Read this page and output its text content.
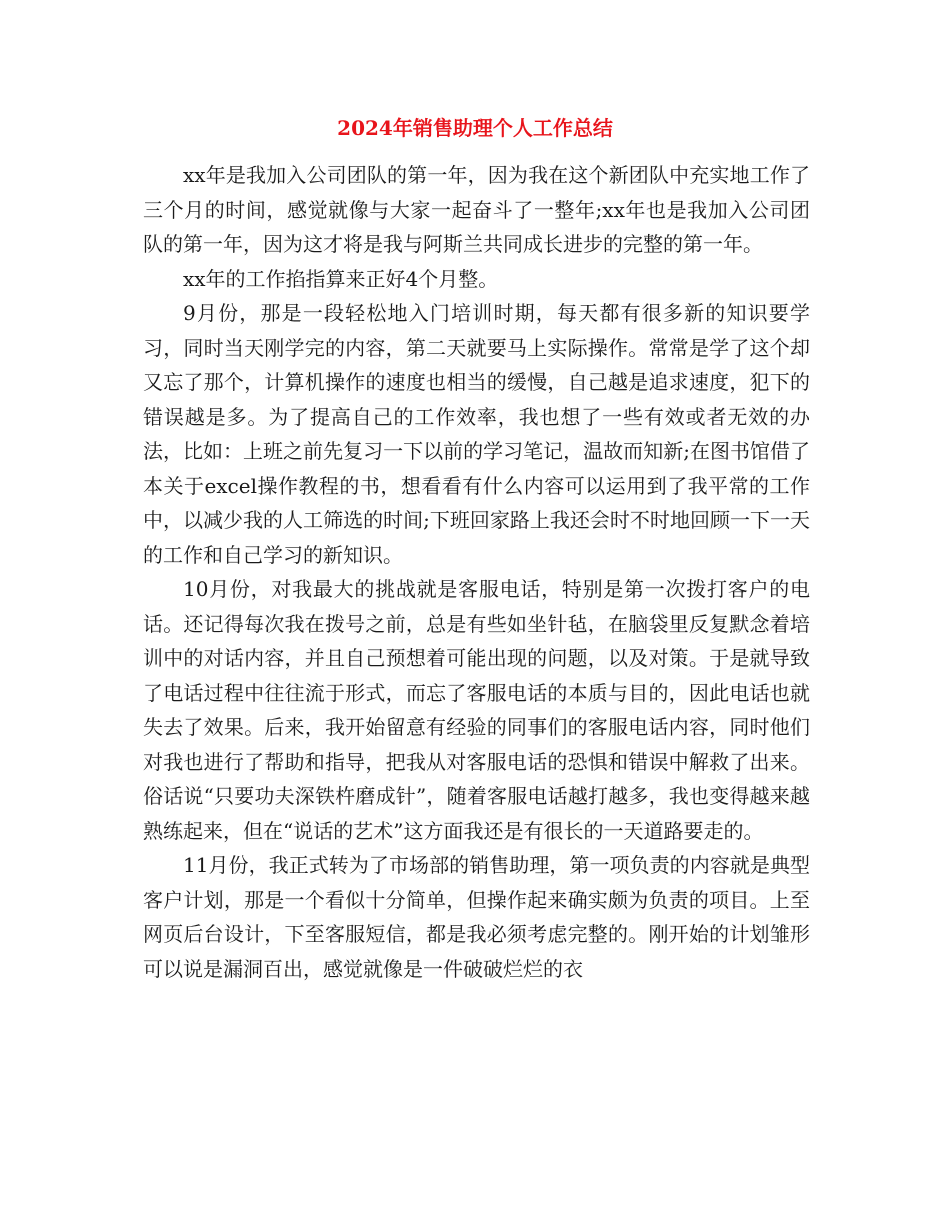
2024年销售助理个人工作总结

xx年是我加入公司团队的第一年，因为我在这个新团队中充实地工作了三个月的时间，感觉就像与大家一起奋斗了一整年;xx年也是我加入公司团队的第一年，因为这才将是我与阿斯兰共同成长进步的完整的第一年。

xx年的工作掐指算来正好4个月整。

9月份，那是一段轻松地入门培训时期，每天都有很多新的知识要学习，同时当天刚学完的内容，第二天就要马上实际操作。常常是学了这个却又忘了那个，计算机操作的速度也相当的缓慢，自己越是追求速度，犯下的错误越是多。为了提高自己的工作效率，我也想了一些有效或者无效的办法，比如：上班之前先复习一下以前的学习笔记，温故而知新;在图书馆借了本关于excel操作教程的书，想看看有什么内容可以运用到了我平常的工作中，以减少我的人工筛选的时间;下班回家路上我还会时不时地回顾一下一天的工作和自己学习的新知识。

10月份，对我最大的挑战就是客服电话，特别是第一次拨打客户的电话。还记得每次我在拨号之前，总是有些如坐针毡，在脑袋里反复默念着培训中的对话内容，并且自己预想着可能出现的问题，以及对策。于是就导致了电话过程中往往流于形式，而忘了客服电话的本质与目的，因此电话也就失去了效果。后来，我开始留意有经验的同事们的客服电话内容，同时他们对我也进行了帮助和指导，把我从对客服电话的恐惧和错误中解救了出来。俗话说“只要功夫深铁杵磨成针”，随着客服电话越打越多，我也变得越来越熟练起来，但在“说话的艺术”这方面我还是有很长的一天道路要走的。

11月份，我正式转为了市场部的销售助理，第一项负责的内容就是典型客户计划，那是一个看似十分简单，但操作起来确实颇为负责的项目。上至网页后台设计，下至客服短信，都是我必须考虑完整的。刚开始的计划雏形可以说是漏洞百出，感觉就像是一件破破烂烂的衣
